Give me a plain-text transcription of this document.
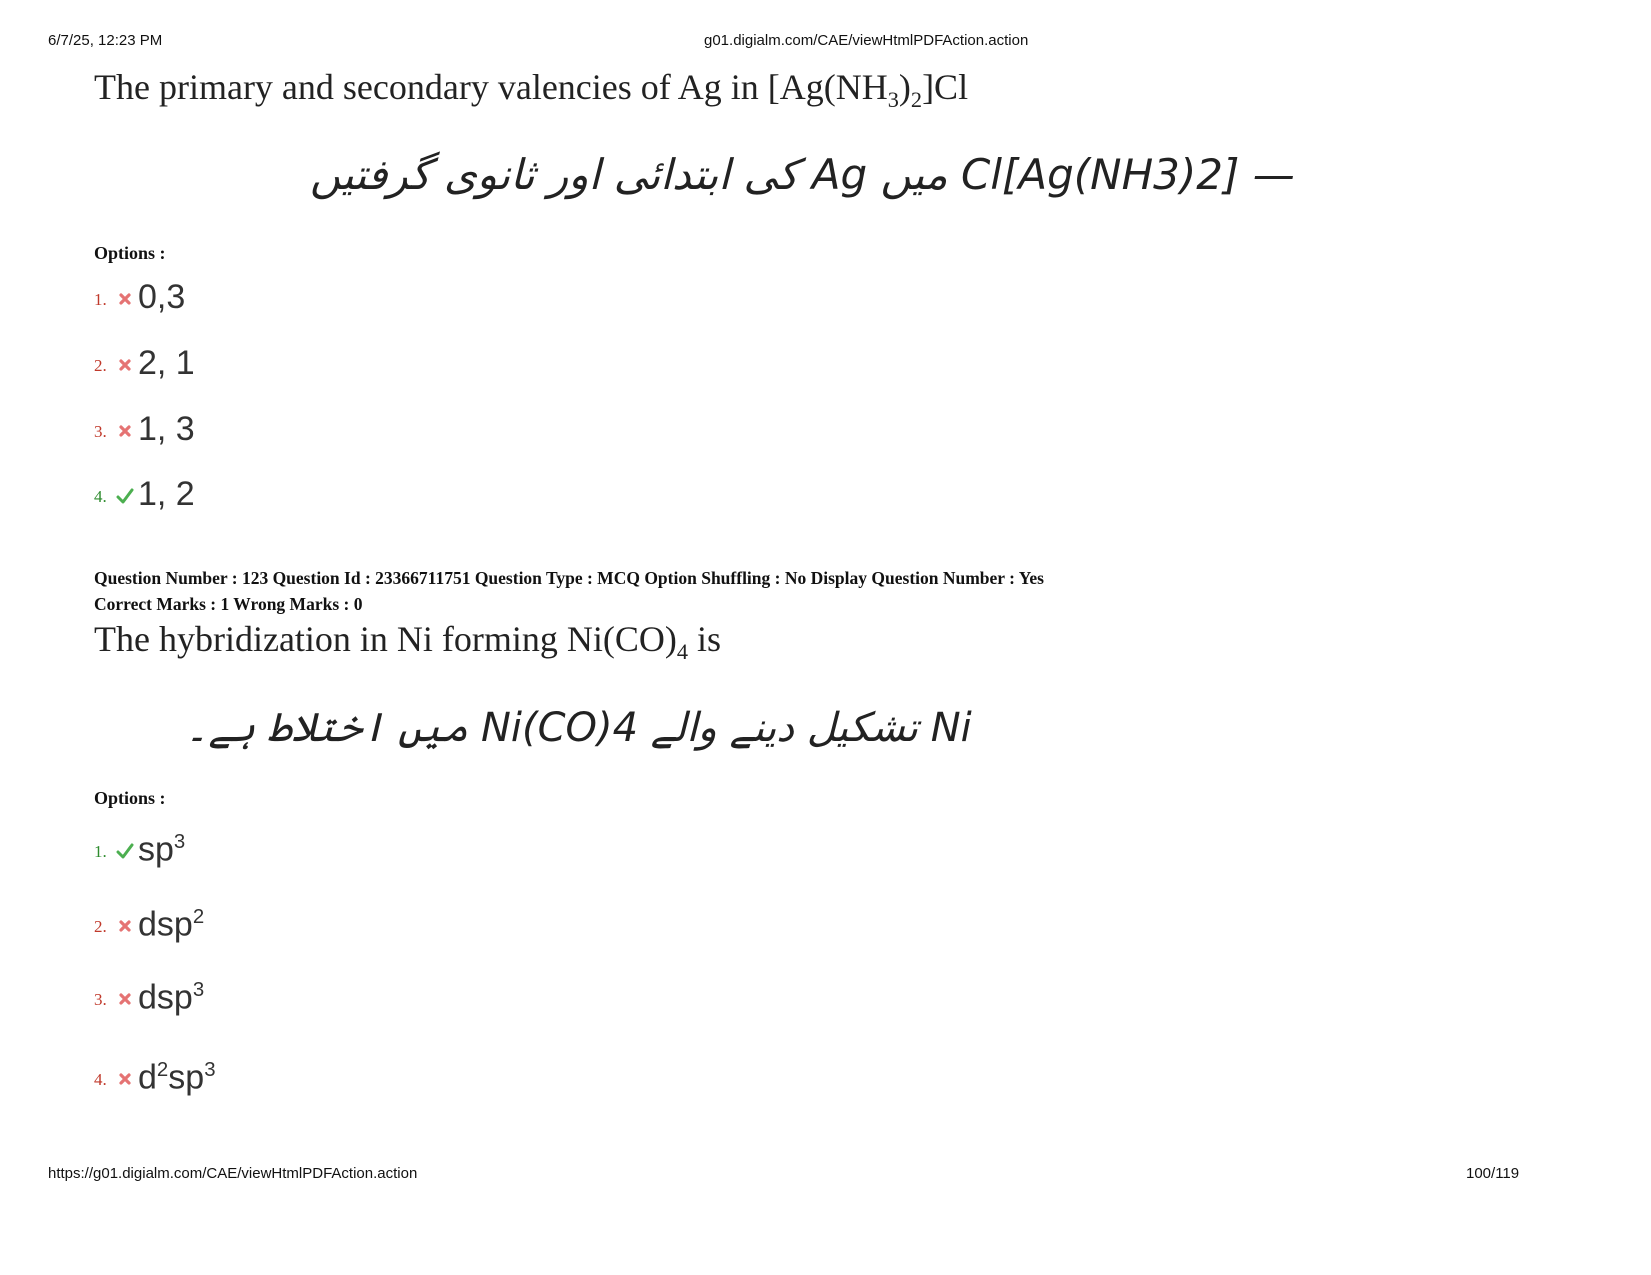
6/7/25, 12:23 PM	g01.digialm.com/CAE/viewHtmlPDFAction.action
The primary and secondary valencies of Ag in $[Ag(NH_3)_2]Cl$
— [Ag(NH3)2]Cl میں Ag کی ابتدائی اور ثانوی گرفتیں
Options :
1. 0,3
2. 2, 1
3. 1, 3
4. 1, 2
Question Number : 123 Question Id : 23366711751 Question Type : MCQ Option Shuffling : No Display Question Number : Yes
Correct Marks : 1 Wrong Marks : 0
The hybridization in Ni forming $Ni(CO)_4$ is
Ni تشکیل دینے والے Ni(CO)4 میں اختلاط ہے۔
Options :
1. $sp^3$
2. dsp$^2$
3. dsp$^3$
4. $d^2sp^3$
https://g01.digialm.com/CAE/viewHtmlPDFAction.action	100/119
